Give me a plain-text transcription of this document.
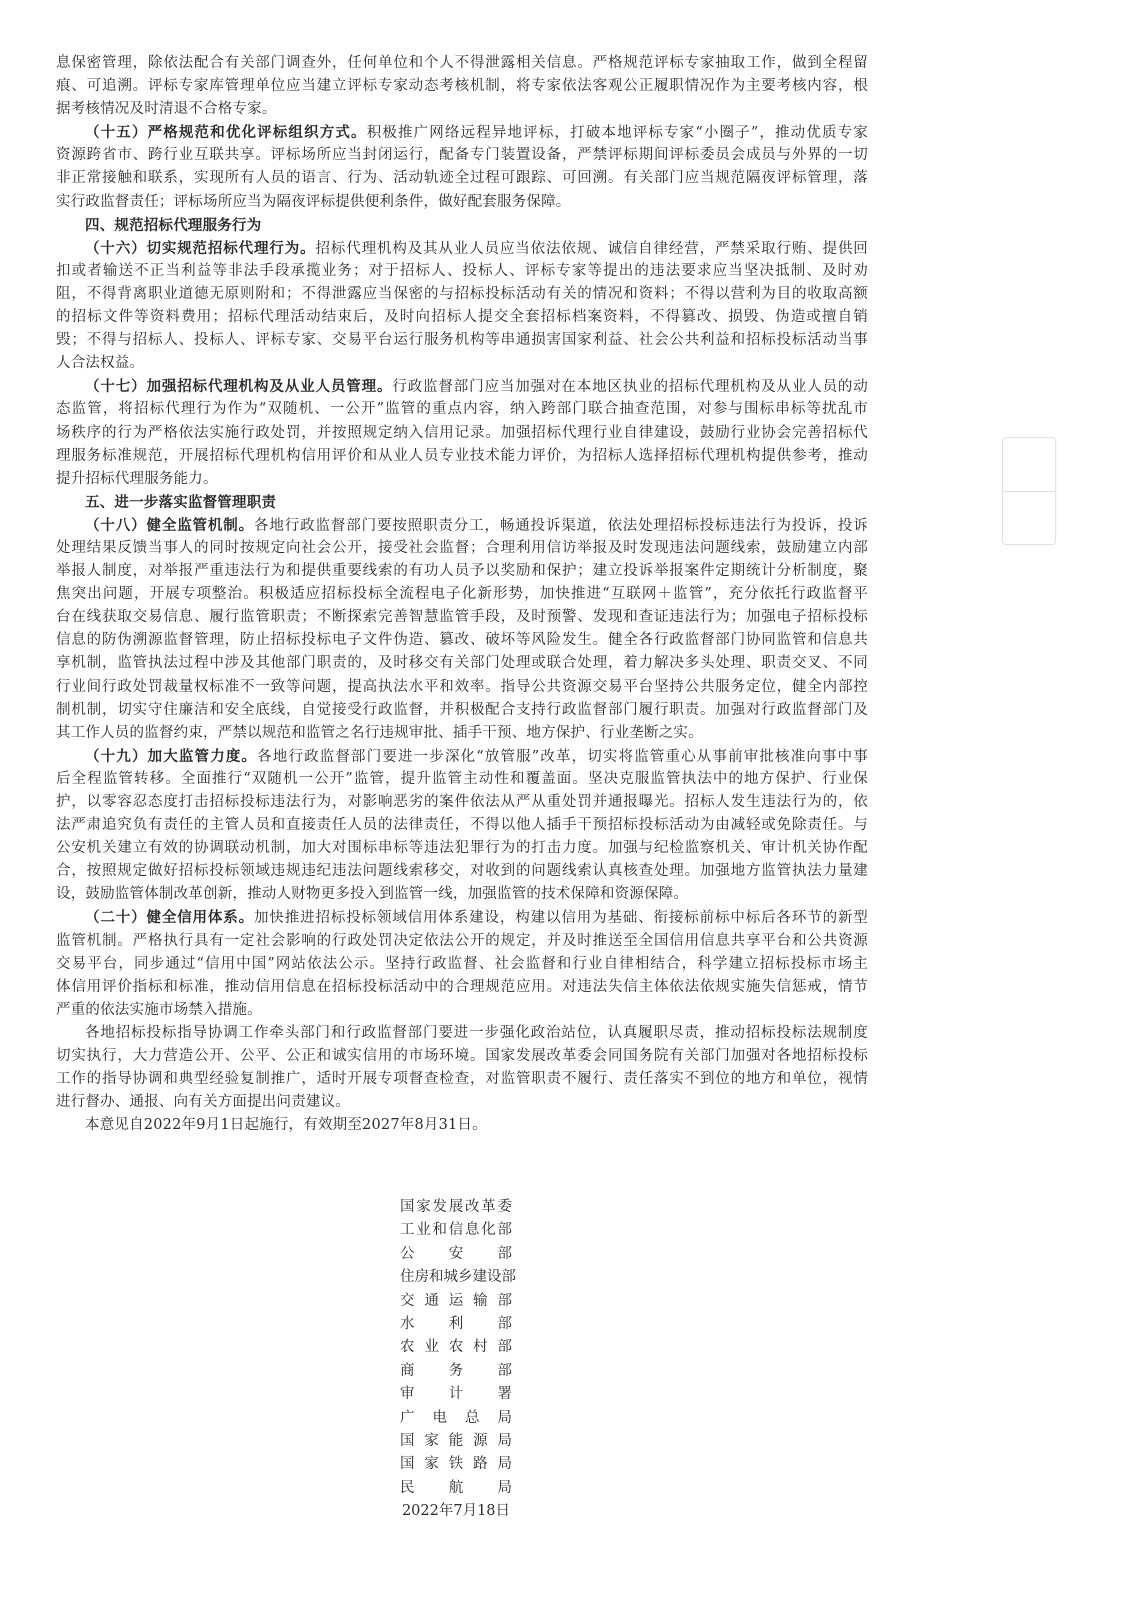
息保密管理，除依法配合有关部门调查外，任何单位和个人不得泄露相关信息。严格规范评标专家抽取工作，做到全程留
痕、可追溯。评标专家库管理单位应当建立评标专家动态考核机制，将专家依法客观公正履职情况作为主要考核内容，根
据考核情况及时清退不合格专家。
（十五）严格规范和优化评标组织方式。积极推广网络远程异地评标，打破本地评标专家“小圈子”，推动优质专家
资源跨省市、跨行业互联共享。评标场所应当封闭运行，配备专门装置设备，严禁评标期间评标委员会成员与外界的一切
非正常接触和联系，实现所有人员的语言、行为、活动轨迹全过程可跟踪、可回溯。有关部门应当规范隔夜评标管理，落
实行政监督责任；评标场所应当为隔夜评标提供便利条件，做好配套服务保障。
四、规范招标代理服务行为
（十六）切实规范招标代理行为。招标代理机构及其从业人员应当依法依规、诚信自律经营，严禁采取行贿、提供回
扣或者输送不正当利益等非法手段承揽业务；对于招标人、投标人、评标专家等提出的违法要求应当坚决抵制、及时劝
阻，不得背离职业道德无原则附和；不得泄露应当保密的与招标投标活动有关的情况和资料；不得以营利为目的收取高额
的招标文件等资料费用；招标代理活动结束后，及时向招标人提交全套招标档案资料，不得篡改、损毁、伪造或擅自销
毁；不得与招标人、投标人、评标专家、交易平台运行服务机构等串通损害国家利益、社会公共利益和招标投标活动当事
人合法权益。
（十七）加强招标代理机构及从业人员管理。行政监督部门应当加强对在本地区执业的招标代理机构及从业人员的动
态监管，将招标代理行为作为“双随机、一公开”监管的重点内容，纳入跨部门联合抽查范围，对参与围标串标等扰乱市
场秩序的行为严格依法实施行政处罚，并按照规定纳入信用记录。加强招标代理行业自律建设，鼓励行业协会完善招标代
理服务标准规范，开展招标代理机构信用评价和从业人员专业技术能力评价，为招标人选择招标代理机构提供参考，推动
提升招标代理服务能力。
五、进一步落实监督管理职责
（十八）健全监管机制。各地行政监督部门要按照职责分工，畅通投诉渠道，依法处理招标投标违法行为投诉，投诉
处理结果反馈当事人的同时按规定向社会公开，接受社会监督；合理利用信访举报及时发现违法问题线索，鼓励建立内部
举报人制度，对举报严重违法行为和提供重要线索的有功人员予以奖励和保护；建立投诉举报案件定期统计分析制度，聚
焦突出问题，开展专项整治。积极适应招标投标全流程电子化新形势，加快推进“互联网＋监管”，充分依托行政监督平
台在线获取交易信息、履行监管职责；不断探索完善智慧监管手段，及时预警、发现和查证违法行为；加强电子招标投标
信息的防伪溯源监督管理，防止招标投标电子文件伪造、篡改、破坏等风险发生。健全各行政监督部门协同监管和信息共
享机制，监管执法过程中涉及其他部门职责的，及时移交有关部门处理或联合处理，着力解决多头处理、职责交叉、不同
行业间行政处罚裁量权标准不一致等问题，提高执法水平和效率。指导公共资源交易平台坚持公共服务定位，健全内部控
制机制，切实守住廉洁和安全底线，自觉接受行政监督，并积极配合支持行政监督部门履行职责。加强对行政监督部门及
其工作人员的监督约束，严禁以规范和监管之名行违规审批、插手干预、地方保护、行业垄断之实。
（十九）加大监管力度。各地行政监督部门要进一步深化“放管服”改革，切实将监管重心从事前审批核准向事中事
后全程监管转移。全面推行“双随机一公开”监管，提升监管主动性和覆盖面。坚决克服监管执法中的地方保护、行业保
护，以零容忍态度打击招标投标违法行为，对影响恶劣的案件依法从严从重处罚并通报曝光。招标人发生违法行为的，依
法严肃追究负有责任的主管人员和直接责任人员的法律责任，不得以他人插手干预招标投标活动为由减轻或免除责任。与
公安机关建立有效的协调联动机制，加大对围标串标等违法犯罪行为的打击力度。加强与纪检监察机关、审计机关协作配
合，按照规定做好招标投标领域违规违纪违法问题线索移交，对收到的问题线索认真核查处理。加强地方监管执法力量建
设，鼓励监管体制改革创新，推动人财物更多投入到监管一线，加强监管的技术保障和资源保障。
（二十）健全信用体系。加快推进招标投标领域信用体系建设，构建以信用为基础、衔接标前标中标后各环节的新型
监管机制。严格执行具有一定社会影响的行政处罚决定依法公开的规定，并及时推送至全国信用信息共享平台和公共资源
交易平台，同步通过“信用中国”网站依法公示。坚持行政监督、社会监督和行业自律相结合，科学建立招标投标市场主
体信用评价指标和标准，推动信用信息在招标投标活动中的合理规范应用。对违法失信主体依法依规实施失信惩戒，情节
严重的依法实施市场禁入措施。
各地招标投标指导协调工作牵头部门和行政监督部门要进一步强化政治站位，认真履职尽责，推动招标投标法规制度
切实执行，大力营造公开、公平、公正和诚实信用的市场环境。国家发展改革委会同国务院有关部门加强对各地招标投标
工作的指导协调和典型经验复制推广，适时开展专项督查检查，对监管职责不履行、责任落实不到位的地方和单位，视情
进行督办、通报、向有关方面提出问责建议。
本意见自2022年9月1日起施行，有效期至2027年8月31日。
国家发展改革委
工业和信息化部
公安部
住房和城乡建设部
交通运输部
水利部
农业农村部
商务部
审计署
广电总局
国家能源局
国家铁路局
民航局
2022年7月18日
